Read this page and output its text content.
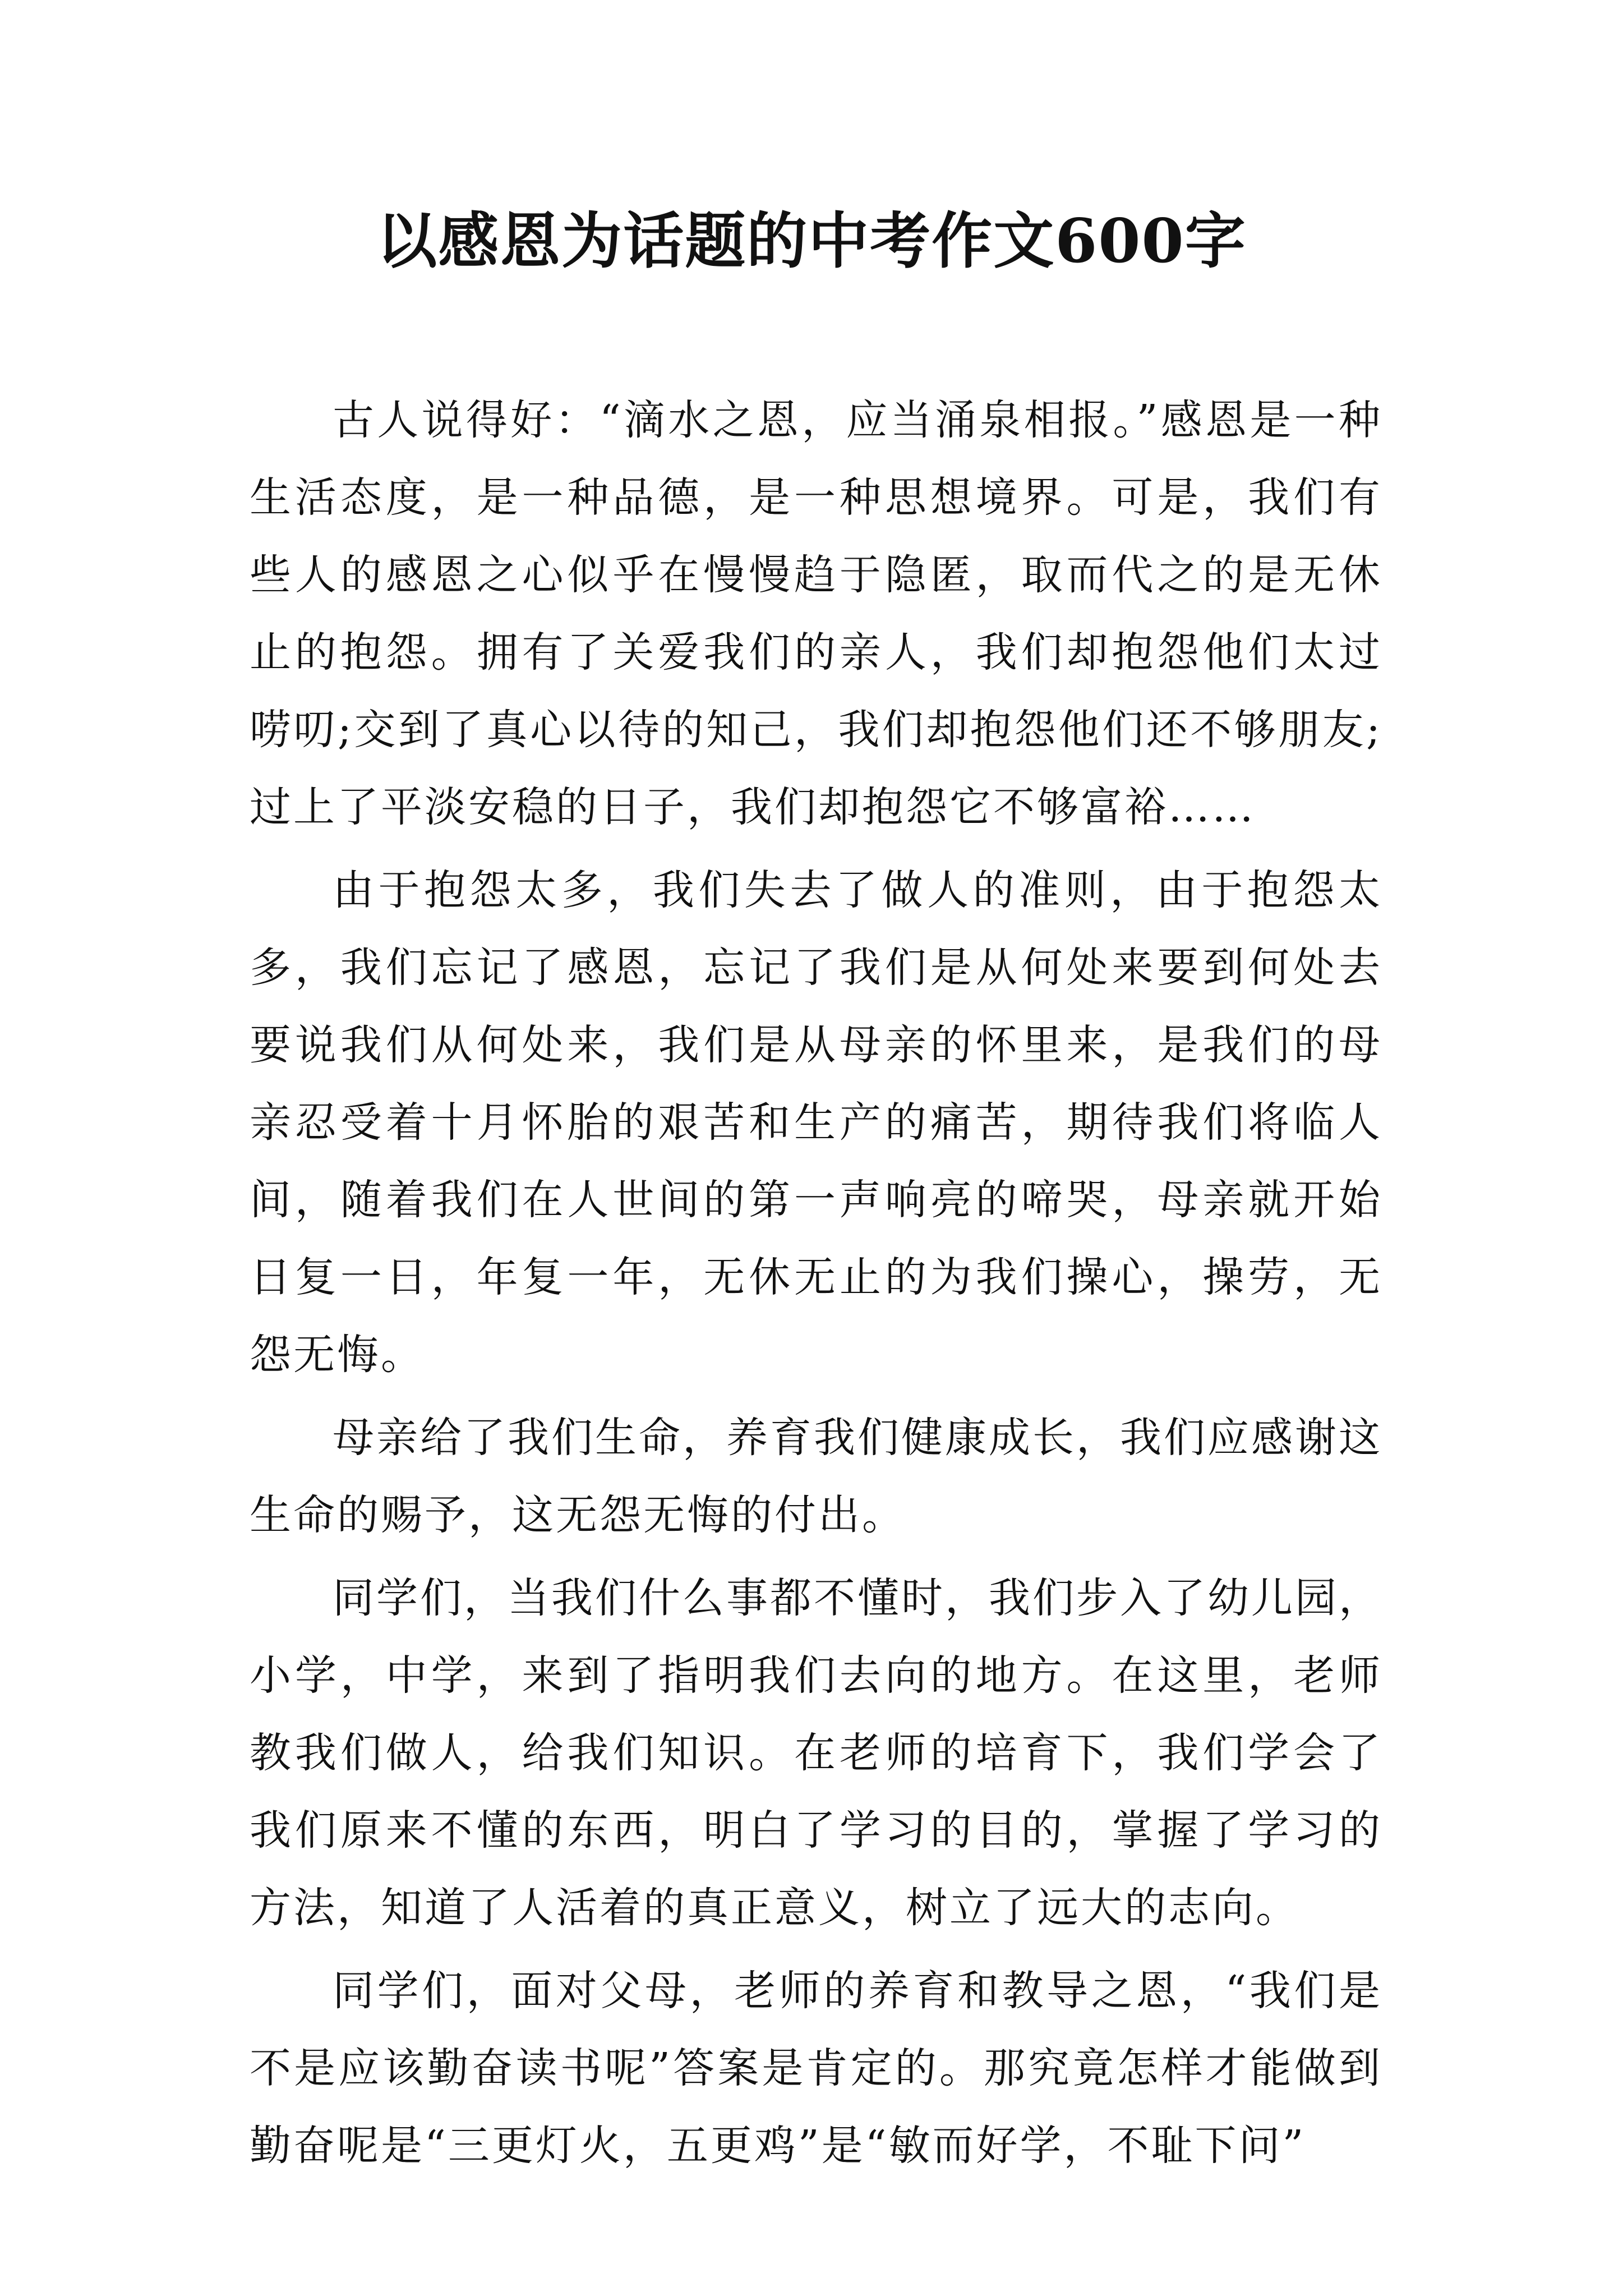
以感恩为话题的中考作文600字

古人说得好：“滴水之恩，应当涌泉相报。”感恩是一种生活态度，是一种品德，是一种思想境界。可是，我们有些人的感恩之心似乎在慢慢趋于隐匿，取而代之的是无休止的抱怨。拥有了关爱我们的亲人，我们却抱怨他们太过唠叨;交到了真心以待的知己，我们却抱怨他们还不够朋友;过上了平淡安稳的日子，我们却抱怨它不够富裕……

由于抱怨太多，我们失去了做人的准则，由于抱怨太多，我们忘记了感恩，忘记了我们是从何处来要到何处去要说我们从何处来，我们是从母亲的怀里来，是我们的母亲忍受着十月怀胎的艰苦和生产的痛苦，期待我们将临人间，随着我们在人世间的第一声响亮的啼哭，母亲就开始日复一日，年复一年，无休无止的为我们操心，操劳，无怨无悔。

母亲给了我们生命，养育我们健康成长，我们应感谢这生命的赐予，这无怨无悔的付出。

同学们，当我们什么事都不懂时，我们步入了幼儿园，小学，中学，来到了指明我们去向的地方。在这里，老师教我们做人，给我们知识。在老师的培育下，我们学会了我们原来不懂的东西，明白了学习的目的，掌握了学习的方法，知道了人活着的真正意义，树立了远大的志向。

同学们，面对父母，老师的养育和教导之恩，“我们是不是应该勤奋读书呢”答案是肯定的。那究竟怎样才能做到勤奋呢是“三更灯火，五更鸡”是“敏而好学，不耻下问”
